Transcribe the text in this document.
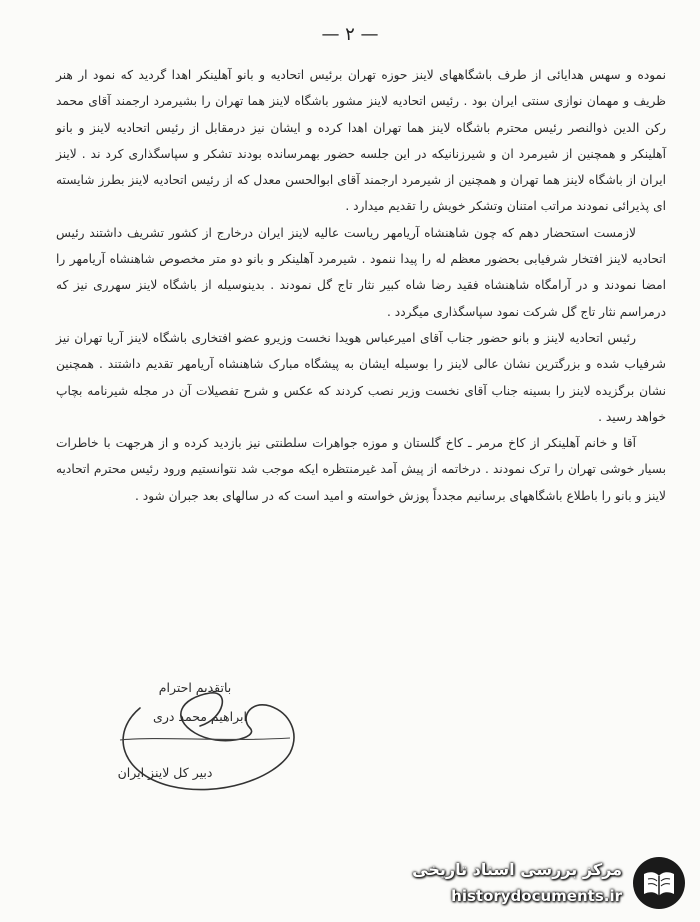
— ۲ —

نموده و سهس هدایائی از طرف باشگاههای لاینز حوزه تهران برئیس اتحادیه و بانو آهلینکر اهدا گردید که نمود ار هنر ظریف و مهمان نوازی سنتی ایران بود . رئیس اتحادیه لاینز مشور باشگاه لاینز هما تهران را بشیرمرد ارجمند آقای محمد رکن الدین ذوالنصر رئیس محترم باشگاه لاینز هما تهران اهدا کرده و ایشان نیز درمقابل از رئیس اتحادیه لاینز و بانو آهلینکر و همچنین از شیرمرد ان و شیرزنانیکه در این جلسه حضور بهمرسانده بودند تشکر و سپاسگذاری کرد ند . لاینز ایران از باشگاه لاینز هما تهران و همچنین از شیرمرد ارجمند آقای ابوالحسن معدل که از رئیس اتحادیه لاینز بطرز شایسته ای پذیرائی نمودند مراتب امتنان وتشکر خویش را تقدیم میدارد .

لازمست استحضار دهم که چون شاهنشاه آریامهر ریاست عالیه لاینز ایران درخارج از کشور تشریف داشتند رئیس اتحادیه لاینز افتخار شرفیابی بحضور معظم له را پیدا ننمود . شیرمرد آهلینکر و بانو دو متر مخصوص شاهنشاه آریامهر را امضا نمودند و در آرامگاه شاهنشاه فقید رضا شاه کبیر نثار تاج گل نمودند . بدینوسیله از باشگاه لاینز سهرری نیز که درمراسم نثار تاج گل شرکت نمود سپاسگذاری میگردد .

رئیس اتحادیه لاینز و بانو حضور جناب آقای امیرعباس هویدا نخست وزیرو عضو افتخاری باشگاه لاینز آریا تهران نیز شرفیاب شده و بزرگترین نشان عالی لاینز را بوسیله ایشان به پیشگاه مبارک شاهنشاه آریامهر تقدیم داشتند . همچنین نشان برگزیده لاینز را بسینه جناب آقای نخست وزیر نصب کردند که عکس و شرح تفصیلات آن در مجله شیرنامه بچاپ خواهد رسید .

آقا و خانم آهلینکر از کاخ مرمر ـ کاخ گلستان و موزه جواهرات سلطنتی نیز بازدید کرده و از هرجهت با خاطرات بسیار خوشی تهران را ترک نمودند . درخاتمه از پیش آمد غیرمنتظره ایکه موجب شد نتوانستیم ورود رئیس محترم اتحادیه لاینز و بانو را باطلاع باشگاههای برسانیم مجدداً پوزش خواسته و امید است که در سالهای بعد جبران شود .

باتقدیم احترام
ابراهیم محمد دری
دبیر کل لاینز ایران
مرکز بررسی اسناد تاریخی
historydocuments.ir
